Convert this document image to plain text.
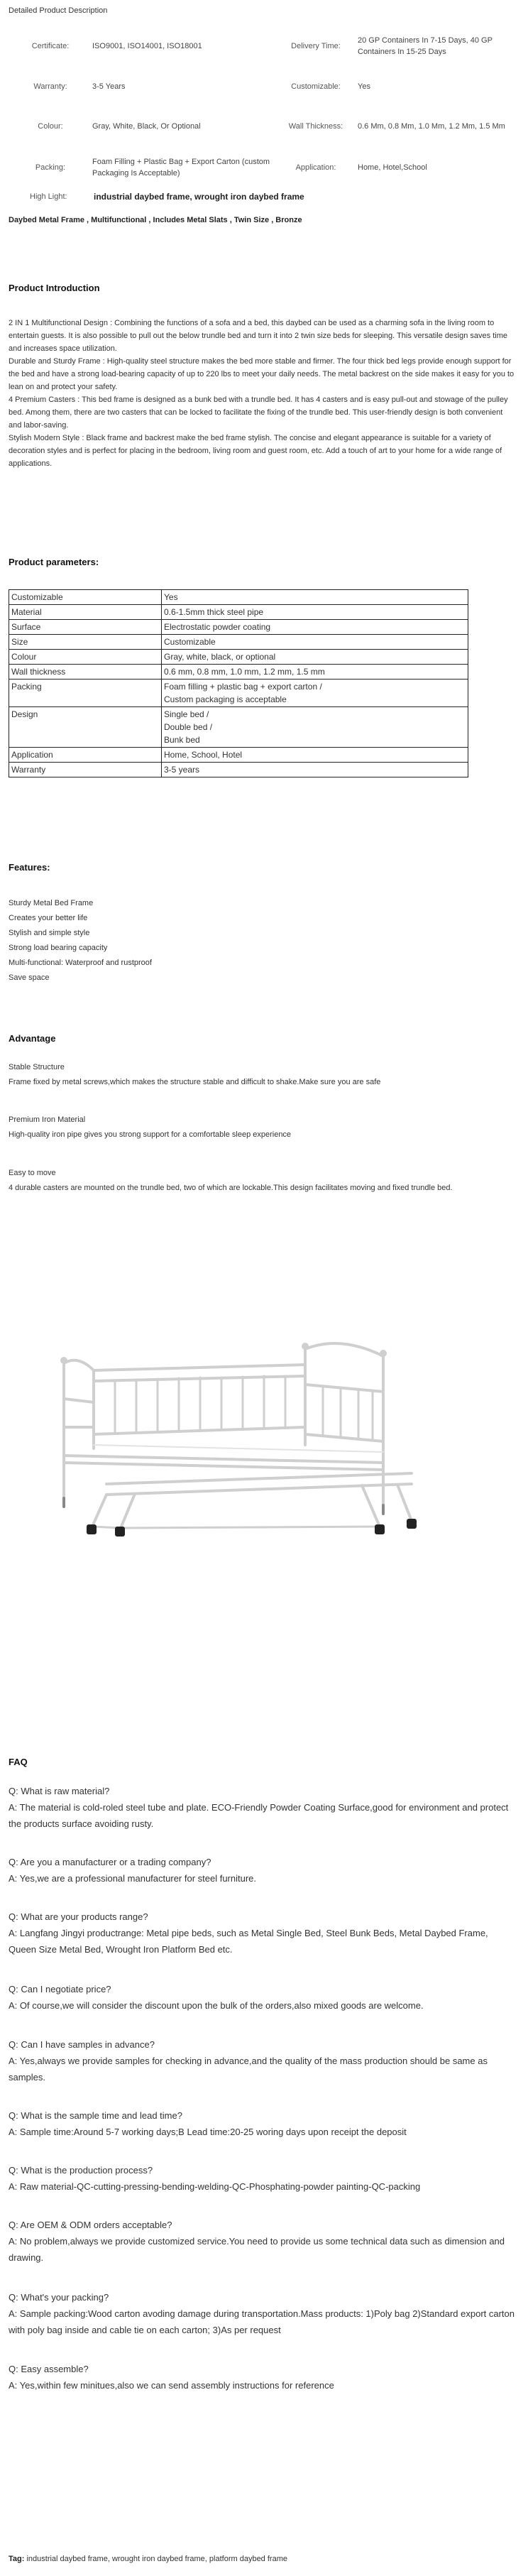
Detailed Product Description
Certificate:	ISO9001, ISO14001, ISO18001	Delivery Time:	20 GP Containers In 7-15 Days, 40 GP Containers In 15-25 Days
Warranty:	3-5 Years	Customizable:	Yes
Colour:	Gray, White, Black, Or Optional	Wall Thickness:	0.6 Mm, 0.8 Mm, 1.0 Mm, 1.2 Mm, 1.5 Mm
Packing:	Foam Filling + Plastic Bag + Export Carton (custom Packaging Is Acceptable)	Application:	Home, Hotel,School
High Light:	industrial daybed frame, wrought iron daybed frame
Daybed Metal Frame , Multifunctional , Includes Metal Slats , Twin Size , Bronze
Product Introduction

2 IN 1 Multifunctional Design : Combining the functions of a sofa and a bed, this daybed can be used as a charming sofa in the living room to entertain guests. It is also possible to pull out the below trundle bed and turn it into 2 twin size beds for sleeping. This versatile design saves time and increases space utilization.

Durable and Sturdy Frame : High-quality steel structure makes the bed more stable and firmer. The four thick bed legs provide enough support for the bed and have a strong load-bearing capacity of up to 220 lbs to meet your daily needs. The metal backrest on the side makes it easy for you to lean on and protect your safety.

4 Premium Casters : This bed frame is designed as a bunk bed with a trundle bed. It has 4 casters and is easy pull-out and stowage of the pulley bed. Among them, there are two casters that can be locked to facilitate the fixing of the trundle bed. This user-friendly design is both convenient and labor-saving.

Stylish Modern Style : Black frame and backrest make the bed frame stylish. The concise and elegant appearance is suitable for a variety of decoration styles and is perfect for placing in the bedroom, living room and guest room, etc. Add a touch of art to your home for a wide range of applications.

Product parameters:
Customizable	Yes

Material	0.6-1.5mm thick steel pipe

Surface	Electrostatic powder coating

Size	Customizable

Colour	Gray, white, black, or optional

Wall thickness	0.6 mm, 0.8 mm, 1.0 mm, 1.2 mm, 1.5 mm

Packing	Foam filling + plastic bag + export carton /
Custom packaging is acceptable

Design	Single bed /
Double bed /
Bunk bed

Application	Home, School, Hotel

Warranty	3-5 years
Features:
Sturdy Metal Bed Frame
Creates your better life
Stylish and simple style
Strong load bearing capacity
Multi-functional: Waterproof and rustproof
Save space
Advantage
Stable Structure
Frame fixed by metal screws,which makes the structure stable and difficult to shake.Make sure you are safe
Premium Iron Material
High-quality iron pipe gives you strong support for a comfortable sleep experience
Easy to move
4 durable casters are mounted on the trundle bed, two of which are lockable.This design facilitates moving and fixed trundle bed.
FAQ
Q: What is raw material?
A: The material is cold-roled steel tube and plate. ECO-Friendly Powder Coating Surface,good for environment and protect the products surface avoiding rusty.
Q: Are you a manufacturer or a trading company?
A: Yes,we are a professional manufacturer for steel furniture.
Q: What are your products range?
A: Langfang Jingyi productrange: Metal pipe beds, such as Metal Single Bed, Steel Bunk Beds, Metal Daybed Frame, Queen Size Metal Bed, Wrought Iron Platform Bed etc.
Q: Can I negotiate price?
A: Of course,we will consider the discount upon the bulk of the orders,also mixed goods are welcome.
Q: Can I have samples in advance?
A: Yes,always we provide samples for checking in advance,and the quality of the mass production should be same as samples.
Q: What is the sample time and lead time?
A: Sample time:Around 5-7 working days;B Lead time:20-25 woring days upon receipt the deposit
Q: What is the production process?
A: Raw material-QC-cutting-pressing-bending-welding-QC-Phosphating-powder painting-QC-packing
Q: Are OEM & ODM orders acceptable?
A: No problem,always we provide customized service.You need to provide us some technical data such as dimension and drawing.
Q: What's your packing?
A: Sample packing:Wood carton avoding damage during transportation.Mass products: 1)Poly bag 2)Standard export carton with poly bag inside and cable tie on each carton; 3)As per request
Q: Easy assemble?
A: Yes,within few minitues,also we can send assembly instructions for reference
Tag: industrial daybed frame, wrought iron daybed frame, platform daybed frame
